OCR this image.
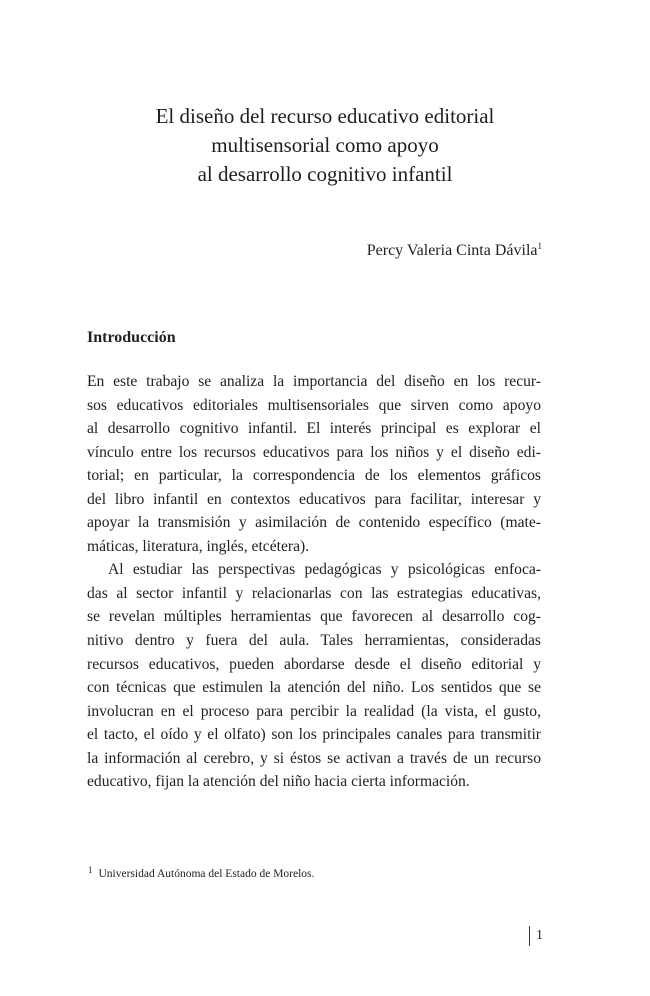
El diseño del recurso educativo editorial
multisensorial como apoyo
al desarrollo cognitivo infantil
Percy Valeria Cinta Dávila$^1$
Introducción
En este trabajo se analiza la importancia del diseño en los recur-
sos educativos editoriales multisensoriales que sirven como apoyo
al desarrollo cognitivo infantil. El interés principal es explorar el
vínculo entre los recursos educativos para los niños y el diseño edi-
torial; en particular, la correspondencia de los elementos gráficos
del libro infantil en contextos educativos para facilitar, interesar y
apoyar la transmisión y asimilación de contenido específico (mate-
máticas, literatura, inglés, etcétera).
Al estudiar las perspectivas pedagógicas y psicológicas enfoca-
das al sector infantil y relacionarlas con las estrategias educativas,
se revelan múltiples herramientas que favorecen al desarrollo cog-
nitivo dentro y fuera del aula. Tales herramientas, consideradas
recursos educativos, pueden abordarse desde el diseño editorial y
con técnicas que estimulen la atención del niño. Los sentidos que se
involucran en el proceso para percibir la realidad (la vista, el gusto,
el tacto, el oído y el olfato) son los principales canales para transmitir
la información al cerebro, y si éstos se activan a través de un recurso
educativo, fijan la atención del niño hacia cierta información.
$^1$ Universidad Autónoma del Estado de Morelos.
1
